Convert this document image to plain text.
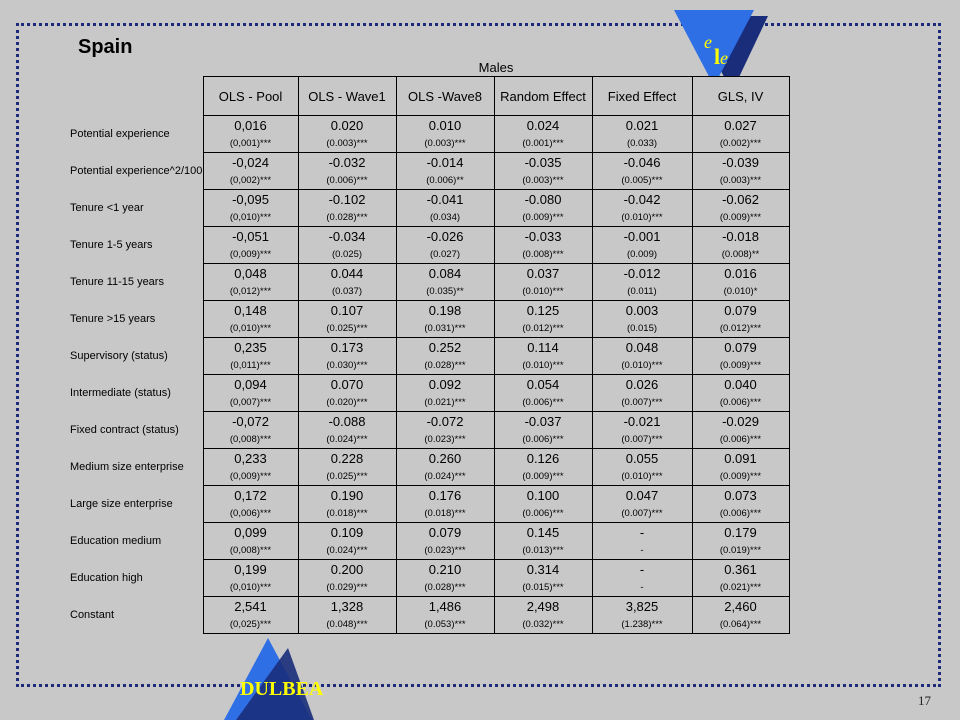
e
l e
DULBEA
17
Spain
	Males					
	OLS - Pool	OLS - Wave1	OLS -Wave8	Random Effect	Fixed Effect	GLS, IV
Potential experience	0,016	0.020	0.010	0.024	0.021	0.027
	(0,001)***	(0.003)***	(0.003)***	(0.001)***	(0.033)	(0.002)***
Potential experience^2/100	-0,024	-0.032	-0.014	-0.035	-0.046	-0.039
	(0,002)***	(0.006)***	(0.006)**	(0.003)***	(0.005)***	(0.003)***
Tenure <1 year	-0,095	-0.102	-0.041	-0.080	-0.042	-0.062
	(0,010)***	(0.028)***	(0.034)	(0.009)***	(0.010)***	(0.009)***
Tenure 1-5 years	-0,051	-0.034	-0.026	-0.033	-0.001	-0.018
	(0,009)***	(0.025)	(0.027)	(0.008)***	(0.009)	(0.008)**
Tenure 11-15 years	0,048	0.044	0.084	0.037	-0.012	0.016
	(0,012)***	(0.037)	(0.035)**	(0.010)***	(0.011)	(0.010)*
Tenure >15 years	0,148	0.107	0.198	0.125	0.003	0.079
	(0,010)***	(0.025)***	(0.031)***	(0.012)***	(0.015)	(0.012)***
Supervisory (status)	0,235	0.173	0.252	0.114	0.048	0.079
	(0,011)***	(0.030)***	(0.028)***	(0.010)***	(0.010)***	(0.009)***
Intermediate (status)	0,094	0.070	0.092	0.054	0.026	0.040
	(0,007)***	(0.020)***	(0.021)***	(0.006)***	(0.007)***	(0.006)***
Fixed contract (status)	-0,072	-0.088	-0.072	-0.037	-0.021	-0.029
	(0,008)***	(0.024)***	(0.023)***	(0.006)***	(0.007)***	(0.006)***
Medium size enterprise	0,233	0.228	0.260	0.126	0.055	0.091
	(0,009)***	(0.025)***	(0.024)***	(0.009)***	(0.010)***	(0.009)***
Large size enterprise	0,172	0.190	0.176	0.100	0.047	0.073
	(0,006)***	(0.018)***	(0.018)***	(0.006)***	(0.007)***	(0.006)***
Education medium	0,099	0.109	0.079	0.145	-	0.179
	(0,008)***	(0.024)***	(0.023)***	(0.013)***	-	(0.019)***
Education high	0,199	0.200	0.210	0.314	-	0.361
	(0,010)***	(0.029)***	(0.028)***	(0.015)***	-	(0.021)***
Constant	2,541	1,328	1,486	2,498	3,825	2,460
	(0,025)***	(0.048)***	(0.053)***	(0.032)***	(1.238)***	(0.064)***
